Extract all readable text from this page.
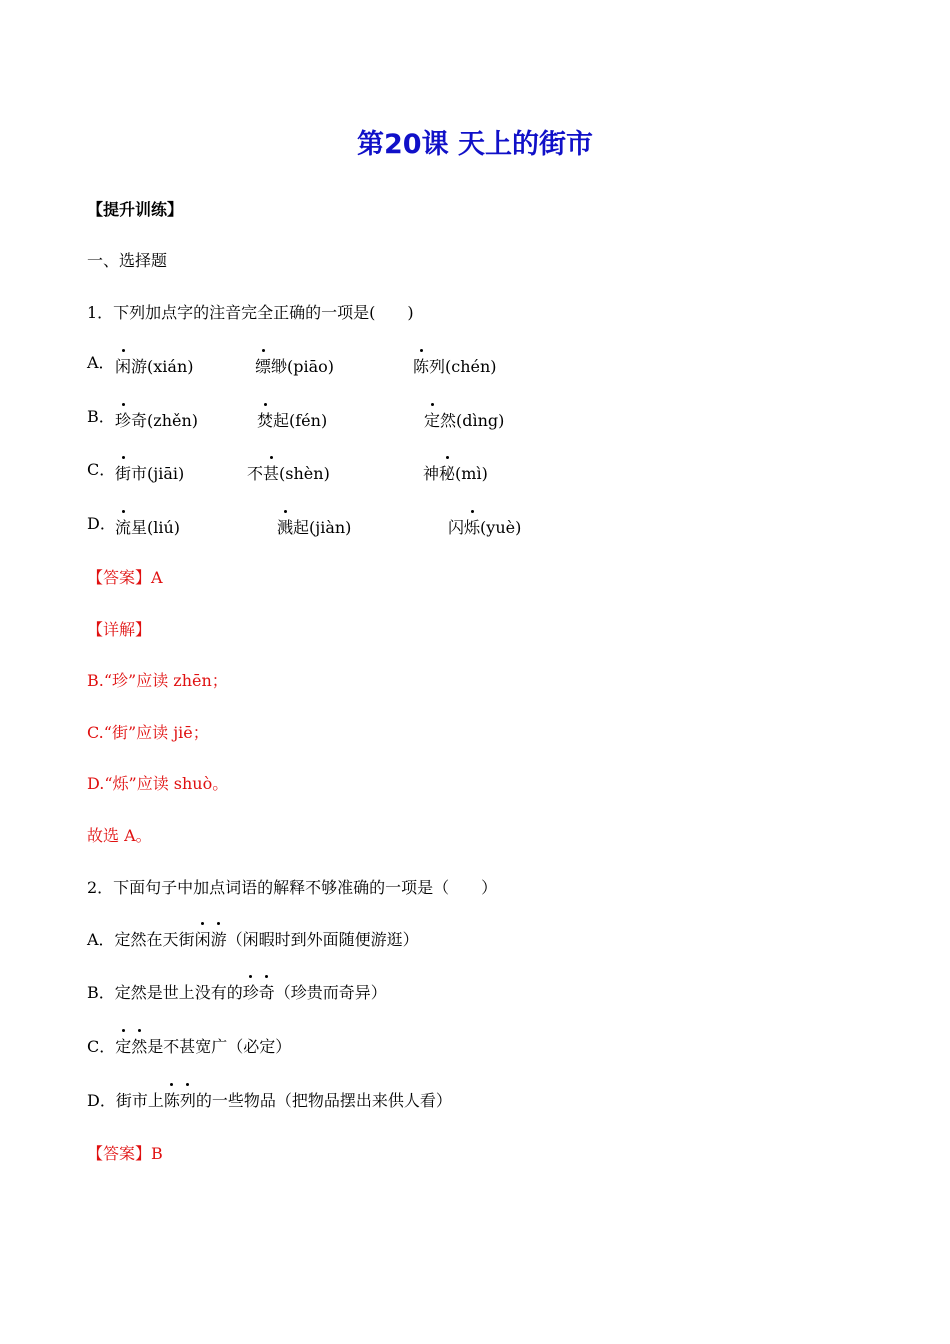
第20课 天上的街市
【提升训练】
一、选择题
1．下列加点字的注音完全正确的一项是(　　)
A． 闲游(xián)	缥缈(piāo)	陈列(chén)
B． 珍奇(zhěn)	焚起(fén)	定然(dìng)
C． 街市(jiāi)	不甚(shèn)	神秘(mì)
D． 流星(liú)	溅起(jiàn)	闪烁(yuè)
【答案】A
【详解】
B.“珍”应读 zhēn；
C.“街”应读 jiē；
D.“烁”应读 shuò。
故选 A。
2．下面句子中加点词语的解释不够准确的一项是（　　）
A．定然在天街闲游（闲暇时到外面随便游逛）
B．定然是世上没有的珍奇（珍贵而奇异）
C．定然是不甚宽广（必定）
D．街市上陈列的一些物品（把物品摆出来供人看）
【答案】B
